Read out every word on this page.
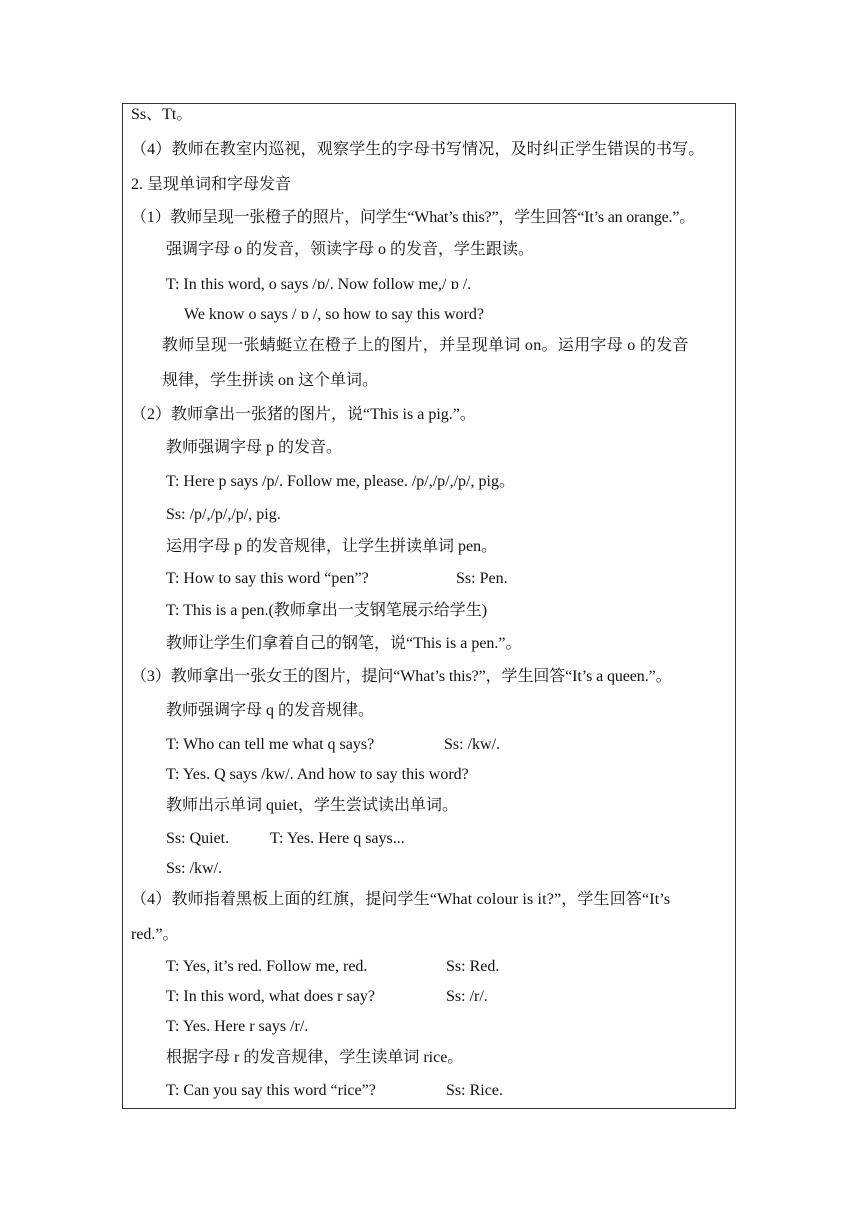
Ss、Tt。
（4）教师在教室内巡视，观察学生的字母书写情况，及时纠正学生错误的书写。
2. 呈现单词和字母发音
（1）教师呈现一张橙子的照片，问学生“What’s this?”，学生回答“It’s an orange.”。
强调字母 o 的发音，领读字母 o 的发音，学生跟读。
T: In this word, o says /ɒ/. Now follow me,/ ɒ /.
We know o says / ɒ /, so how to say this word?
教师呈现一张蜻蜓立在橙子上的图片，并呈现单词 on。运用字母 o 的发音
规律，学生拼读 on 这个单词。
（2）教师拿出一张猪的图片，说“This is a pig.”。
教师强调字母 p 的发音。
T: Here p says /p/. Follow me, please. /p/,/p/,/p/, pig。
Ss: /p/,/p/,/p/, pig.
运用字母 p 的发音规律，让学生拼读单词 pen。
T: How to say this word “pen”?	Ss: Pen.
T: This is a pen.(教师拿出一支钢笔展示给学生)
教师让学生们拿着自己的钢笔，说“This is a pen.”。
（3）教师拿出一张女王的图片，提问“What’s this?”，学生回答“It’s a queen.”。
教师强调字母 q 的发音规律。
T: Who can tell me what q says?	Ss: /kw/.
T: Yes. Q says /kw/. And how to say this word?
教师出示单词 quiet，学生尝试读出单词。
Ss: Quiet.	T: Yes. Here q says...
Ss: /kw/.
（4）教师指着黑板上面的红旗，提问学生“What colour is it?”，学生回答“It’s
red.”。
T: Yes, it’s red. Follow me, red.	Ss: Red.
T: In this word, what does r say?	Ss: /r/.
T: Yes. Here r says /r/.
根据字母 r 的发音规律，学生读单词 rice。
T: Can you say this word “rice”?	Ss: Rice.
